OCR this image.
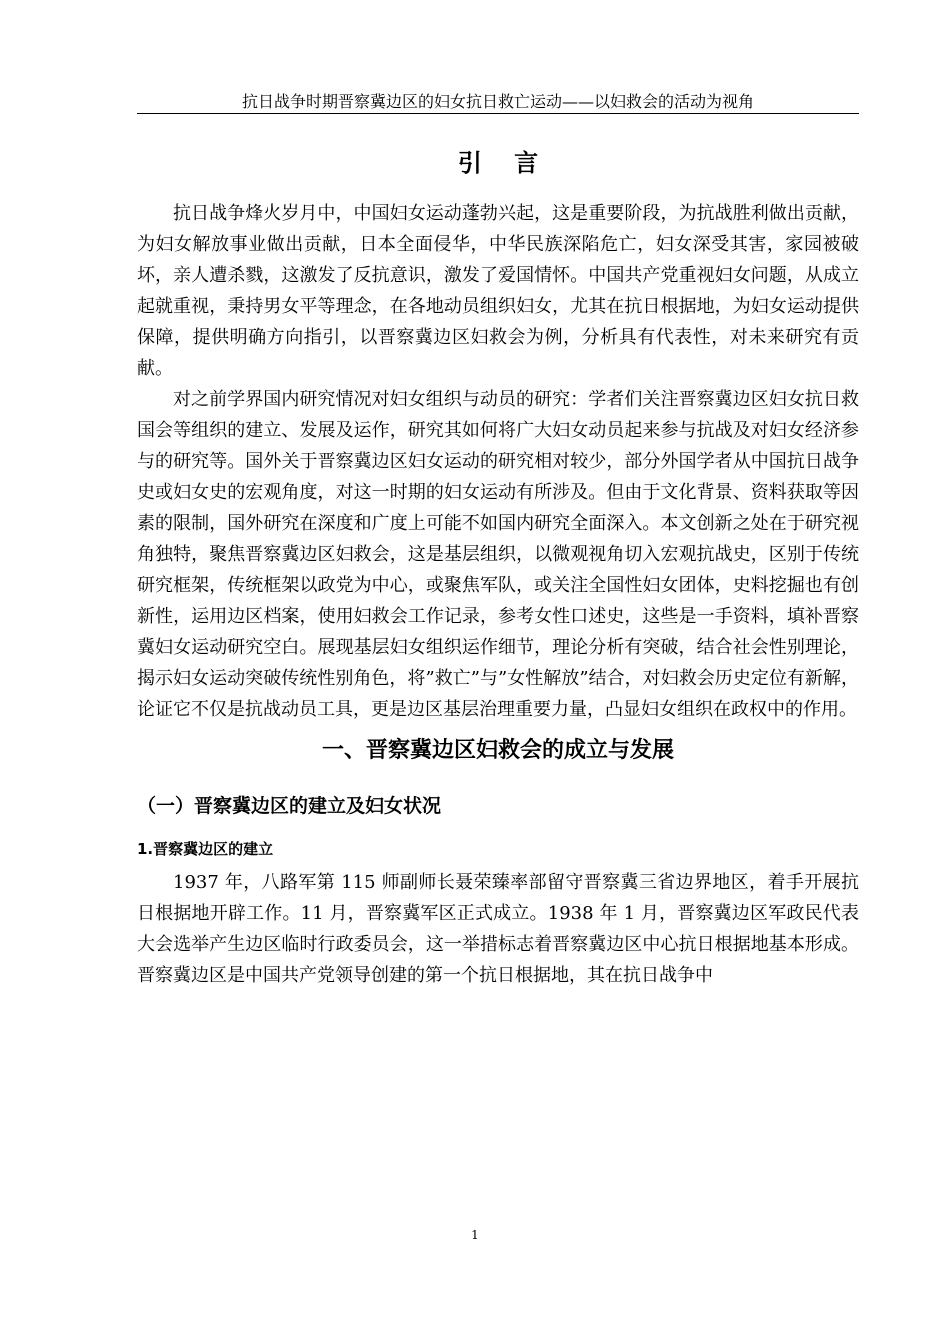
抗日战争时期晋察冀边区的妇女抗日救亡运动——以妇救会的活动为视角
引 言

抗日战争烽火岁月中，中国妇女运动蓬勃兴起，这是重要阶段，为抗战胜利做出贡献，为妇女解放事业做出贡献，日本全面侵华，中华民族深陷危亡，妇女深受其害，家园被破坏，亲人遭杀戮，这激发了反抗意识，激发了爱国情怀。中国共产党重视妇女问题，从成立起就重视，秉持男女平等理念，在各地动员组织妇女，尤其在抗日根据地，为妇女运动提供保障，提供明确方向指引，以晋察冀边区妇救会为例，分析具有代表性，对未来研究有贡献。

对之前学界国内研究情况对妇女组织与动员的研究：学者们关注晋察冀边区妇女抗日救国会等组织的建立、发展及运作，研究其如何将广大妇女动员起来参与抗战及对妇女经济参与的研究等。国外关于晋察冀边区妇女运动的研究相对较少，部分外国学者从中国抗日战争史或妇女史的宏观角度，对这一时期的妇女运动有所涉及。但由于文化背景、资料获取等因素的限制，国外研究在深度和广度上可能不如国内研究全面深入。本文创新之处在于研究视角独特，聚焦晋察冀边区妇救会，这是基层组织，以微观视角切入宏观抗战史，区别于传统研究框架，传统框架以政党为中心，或聚焦军队，或关注全国性妇女团体，史料挖掘也有创新性，运用边区档案，使用妇救会工作记录，参考女性口述史，这些是一手资料，填补晋察冀妇女运动研究空白。展现基层妇女组织运作细节，理论分析有突破，结合社会性别理论，揭示妇女运动突破传统性别角色，将”救亡”与”女性解放”结合，对妇救会历史定位有新解，论证它不仅是抗战动员工具，更是边区基层治理重要力量，凸显妇女组织在政权中的作用。

一、晋察冀边区妇救会的成立与发展
（一）晋察冀边区的建立及妇女状况
1.晋察冀边区的建立

1937 年，八路军第 115 师副师长聂荣臻率部留守晋察冀三省边界地区，着手开展抗日根据地开辟工作。11 月，晋察冀军区正式成立。1938 年 1 月，晋察冀边区军政民代表大会选举产生边区临时行政委员会，这一举措标志着晋察冀边区中心抗日根据地基本形成。晋察冀边区是中国共产党领导创建的第一个抗日根据地，其在抗日战争中

1
